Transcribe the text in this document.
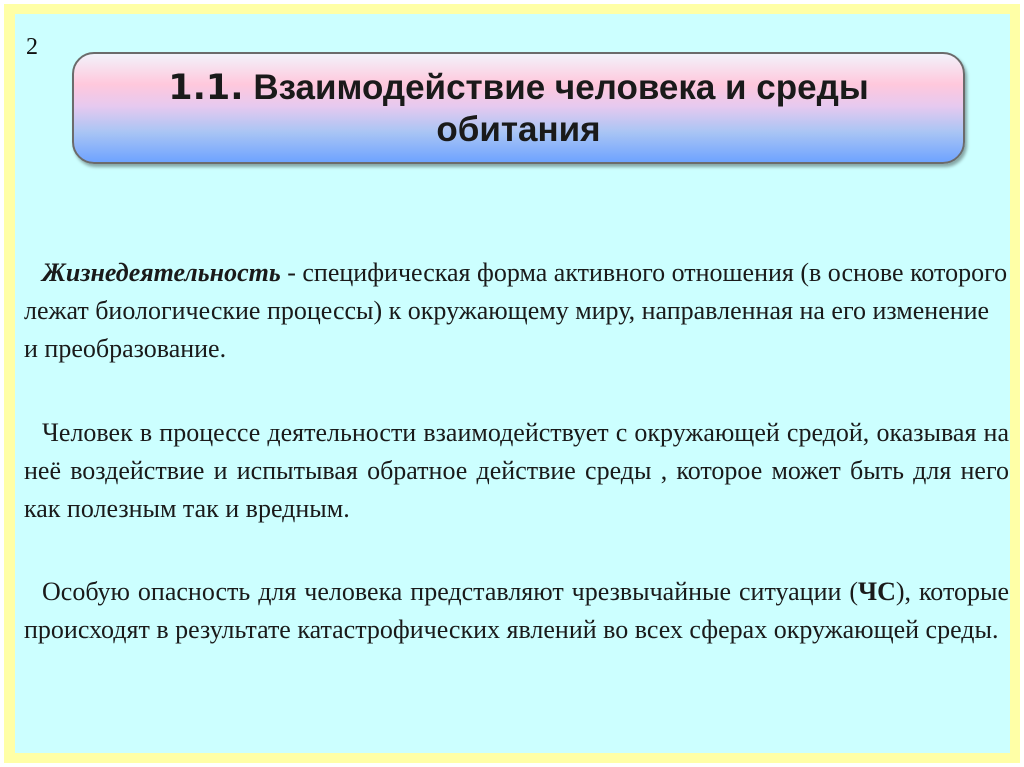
2
1.1. Взаимодействие человека и среды
обитания
Жизнедеятельность - специфическая форма активного отношения (в основе которого лежат биологические процессы) к окружающему миру, направленная на его изменение и преобразование.
Человек в процессе деятельности взаимодействует с окружающей средой, оказывая на неё воздействие и испытывая обратное действие среды , которое может быть для него как полезным так и вредным.
Особую опасность для человека представляют чрезвычайные ситуации (ЧС), которые происходят в результате катастрофических явлений во всех сферах окружающей среды.
